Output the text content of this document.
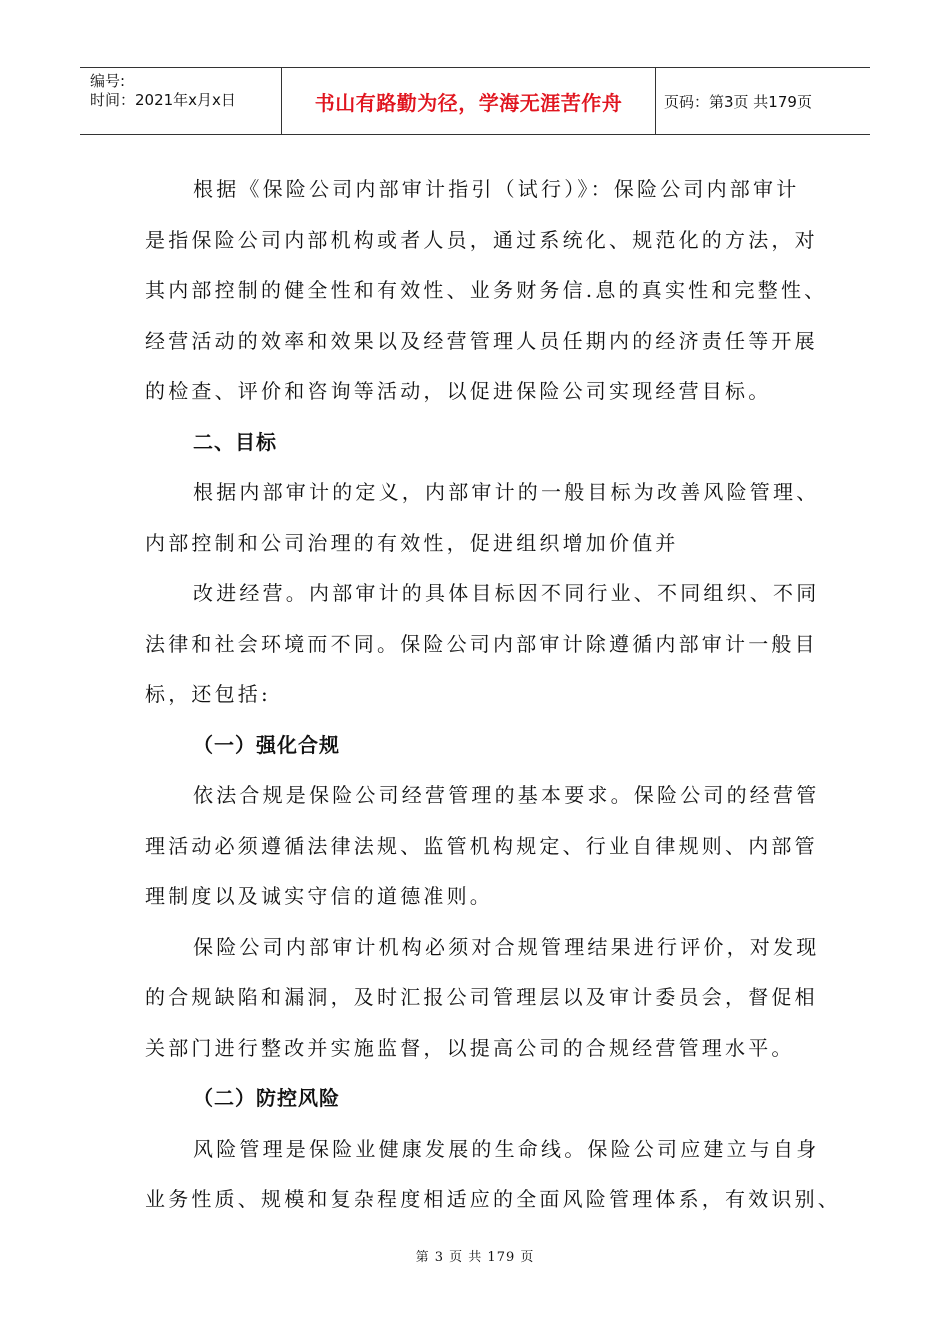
编号:
时间：2021年x月x日	书山有路勤为径，学海无涯苦作舟	页码：第3页 共179页

根据《保险公司内部审计指引（试行）》：保险公司内部审计

是指保险公司内部机构或者人员，通过系统化、规范化的方法，对

其内部控制的健全性和有效性、业务财务信.息的真实性和完整性、

经营活动的效率和效果以及经营管理人员任期内的经济责任等开展

的检查、评价和咨询等活动，以促进保险公司实现经营目标。

二、目标

根据内部审计的定义，内部审计的一般目标为改善风险管理、

内部控制和公司治理的有效性，促进组织增加价值并

改进经营。内部审计的具体目标因不同行业、不同组织、不同

法律和社会环境而不同。保险公司内部审计除遵循内部审计一般目

标，还包括:

（一）强化合规

依法合规是保险公司经营管理的基本要求。保险公司的经营管

理活动必须遵循法律法规、监管机构规定、行业自律规则、内部管

理制度以及诚实守信的道德准则。

保险公司内部审计机构必须对合规管理结果进行评价，对发现

的合规缺陷和漏洞，及时汇报公司管理层以及审计委员会，督促相

关部门进行整改并实施监督，以提高公司的合规经营管理水平。

（二）防控风险

风险管理是保险业健康发展的生命线。保险公司应建立与自身

业务性质、规模和复杂程度相适应的全面风险管理体系，有效识别、

第 3 页 共 179 页
